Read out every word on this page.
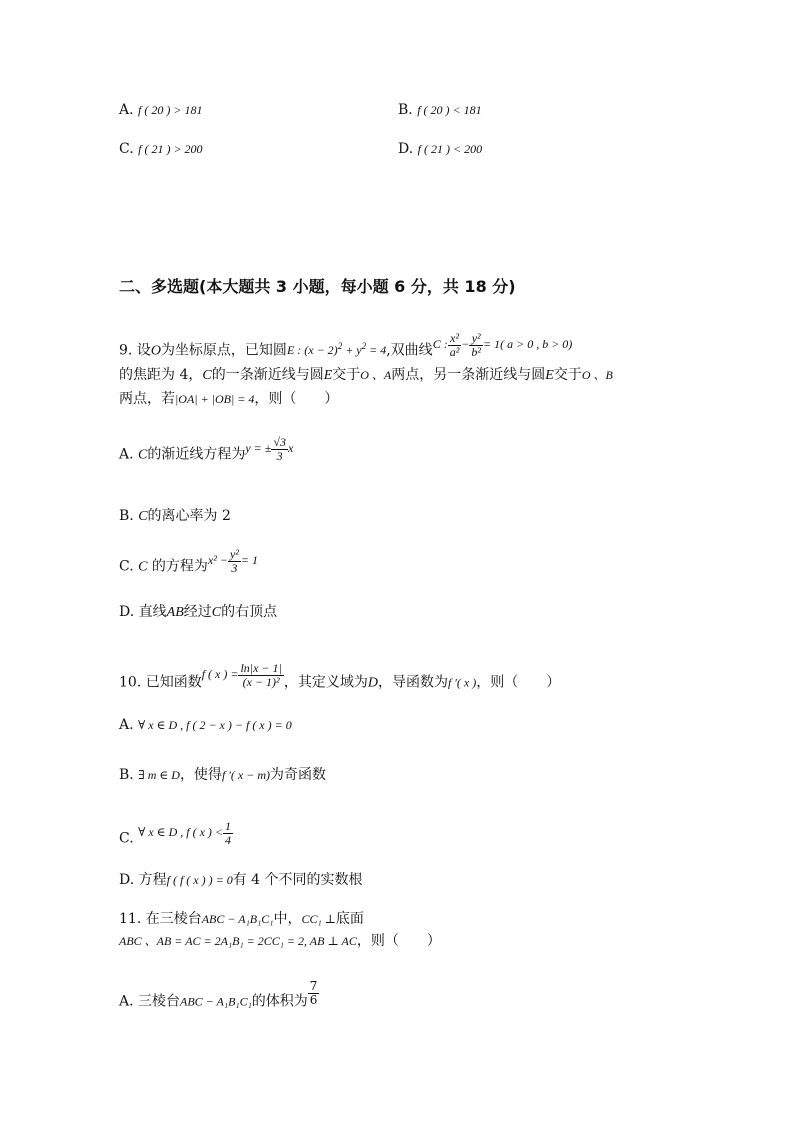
A. f ( 20 ) > 181	B. f ( 20 ) < 181
C. f ( 21 ) > 200	D. f ( 21 ) < 200
二、多选题(本大题共 3 小题，每小题 6 分，共 18 分)
9. 设O为坐标原点，已知圆E : $(x - 2)^2 + y^2 = 4$,双曲线C : $\frac{\text{x²}}{\text{a²}} - \frac{\text{y²}}{\text{b²}} = 1$( a > 0 , b > 0)
的焦距为 4，C的一条渐近线与圆E交于O 、A两点，另一条渐近线与圆E交于O 、B
两点，若|OA| + |OB| = 4，则（　　）
A. C的渐近线方程为y = ± $\frac{√3}{3}$ x
B. C的离心率为 2
C. C 的方程为$x^2 - \frac{\text{y²}}{3} = 1$
D. 直线AB经过C的右顶点
10. 已知函数f ( x ) = $\frac{\ln|x - 1|}{\text{(x − 1)²}}$ ，其定义域为D，导函数为f ′( x )，则（　　）
A. ∀ x ∈ D , f ( 2 − x ) − f ( x ) = 0
B. ∃ m ∈ D，使得f ′( x − m)为奇函数
C. ∀ x ∈ D , f ( x ) < $\frac{1}{4}$
D. 方程f ( f ( x ) ) = 0有 4 个不同的实数根
11. 在三棱台ABC − A₁B₁C₁中，CC₁ ⊥底面
ABC 、AB = AC = 2A₁B₁ = 2CC₁ = 2, AB ⊥ AC，则（　　）
A. 三棱台ABC − A₁B₁C₁的体积为 $\frac{7}{6}$
